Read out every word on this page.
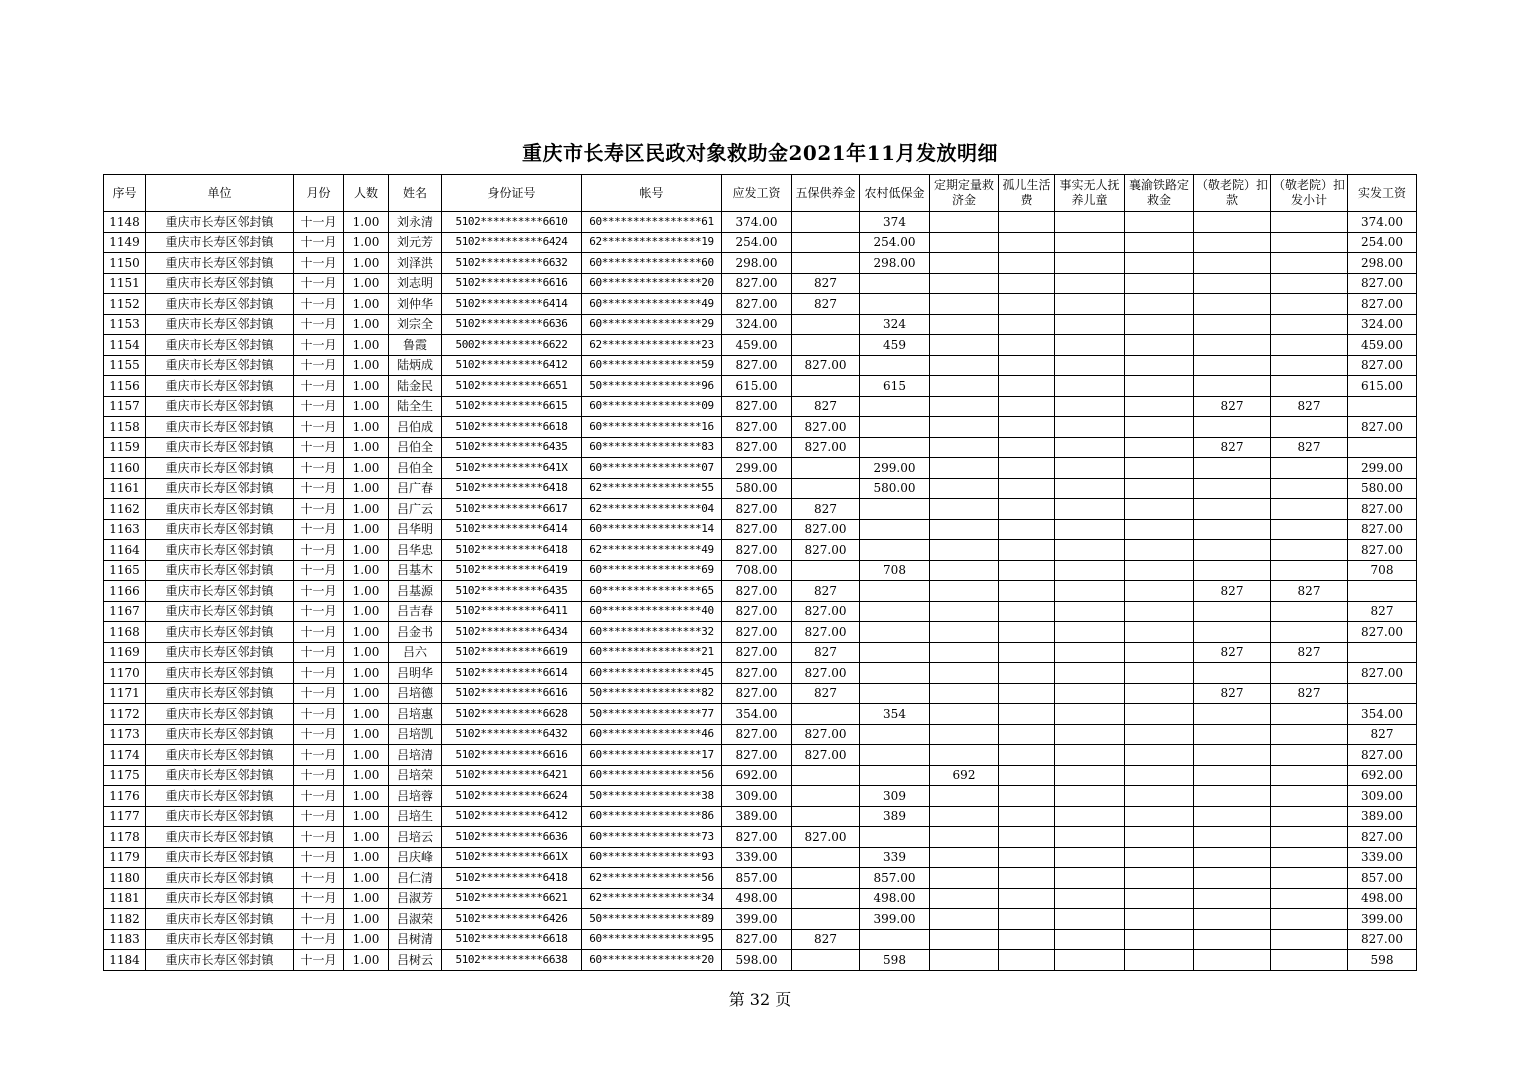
重庆市长寿区民政对象救助金2021年11月发放明细
序号	单位	月份	人数	姓名	身份证号	帐号	应发工资	五保供养金	农村低保金	定期定量救济金	孤儿生活费	事实无人抚养儿童	襄渝铁路定救金	（敬老院）扣款	（敬老院）扣发小计	实发工资
1148	重庆市长寿区邻封镇	十一月	1.00	刘永清	5102**********6610	60****************61	374.00		374							374.00
1149	重庆市长寿区邻封镇	十一月	1.00	刘元芳	5102**********6424	62****************19	254.00		254.00							254.00
1150	重庆市长寿区邻封镇	十一月	1.00	刘泽洪	5102**********6632	60****************60	298.00		298.00							298.00
1151	重庆市长寿区邻封镇	十一月	1.00	刘志明	5102**********6616	60****************20	827.00	827								827.00
1152	重庆市长寿区邻封镇	十一月	1.00	刘仲华	5102**********6414	60****************49	827.00	827								827.00
1153	重庆市长寿区邻封镇	十一月	1.00	刘宗全	5102**********6636	60****************29	324.00		324							324.00
1154	重庆市长寿区邻封镇	十一月	1.00	鲁霞	5002**********6622	62****************23	459.00		459							459.00
1155	重庆市长寿区邻封镇	十一月	1.00	陆炳成	5102**********6412	60****************59	827.00	827.00								827.00
1156	重庆市长寿区邻封镇	十一月	1.00	陆金民	5102**********6651	50****************96	615.00		615							615.00
1157	重庆市长寿区邻封镇	十一月	1.00	陆全生	5102**********6615	60****************09	827.00	827						827	827	
1158	重庆市长寿区邻封镇	十一月	1.00	吕伯成	5102**********6618	60****************16	827.00	827.00								827.00
1159	重庆市长寿区邻封镇	十一月	1.00	吕伯全	5102**********6435	60****************83	827.00	827.00						827	827	
1160	重庆市长寿区邻封镇	十一月	1.00	吕伯全	5102**********641X	60****************07	299.00		299.00							299.00
1161	重庆市长寿区邻封镇	十一月	1.00	吕广春	5102**********6418	62****************55	580.00		580.00							580.00
1162	重庆市长寿区邻封镇	十一月	1.00	吕广云	5102**********6617	62****************04	827.00	827								827.00
1163	重庆市长寿区邻封镇	十一月	1.00	吕华明	5102**********6414	60****************14	827.00	827.00								827.00
1164	重庆市长寿区邻封镇	十一月	1.00	吕华忠	5102**********6418	62****************49	827.00	827.00								827.00
1165	重庆市长寿区邻封镇	十一月	1.00	吕基木	5102**********6419	60****************69	708.00		708							708
1166	重庆市长寿区邻封镇	十一月	1.00	吕基源	5102**********6435	60****************65	827.00	827						827	827	
1167	重庆市长寿区邻封镇	十一月	1.00	吕吉春	5102**********6411	60****************40	827.00	827.00								827
1168	重庆市长寿区邻封镇	十一月	1.00	吕金书	5102**********6434	60****************32	827.00	827.00								827.00
1169	重庆市长寿区邻封镇	十一月	1.00	吕六	5102**********6619	60****************21	827.00	827						827	827	
1170	重庆市长寿区邻封镇	十一月	1.00	吕明华	5102**********6614	60****************45	827.00	827.00								827.00
1171	重庆市长寿区邻封镇	十一月	1.00	吕培德	5102**********6616	50****************82	827.00	827						827	827	
1172	重庆市长寿区邻封镇	十一月	1.00	吕培惠	5102**********6628	50****************77	354.00		354							354.00
1173	重庆市长寿区邻封镇	十一月	1.00	吕培凯	5102**********6432	60****************46	827.00	827.00								827
1174	重庆市长寿区邻封镇	十一月	1.00	吕培清	5102**********6616	60****************17	827.00	827.00								827.00
1175	重庆市长寿区邻封镇	十一月	1.00	吕培荣	5102**********6421	60****************56	692.00			692						692.00
1176	重庆市长寿区邻封镇	十一月	1.00	吕培蓉	5102**********6624	50****************38	309.00		309							309.00
1177	重庆市长寿区邻封镇	十一月	1.00	吕培生	5102**********6412	60****************86	389.00		389							389.00
1178	重庆市长寿区邻封镇	十一月	1.00	吕培云	5102**********6636	60****************73	827.00	827.00								827.00
1179	重庆市长寿区邻封镇	十一月	1.00	吕庆峰	5102**********661X	60****************93	339.00		339							339.00
1180	重庆市长寿区邻封镇	十一月	1.00	吕仁清	5102**********6418	62****************56	857.00		857.00							857.00
1181	重庆市长寿区邻封镇	十一月	1.00	吕淑芳	5102**********6621	62****************34	498.00		498.00							498.00
1182	重庆市长寿区邻封镇	十一月	1.00	吕淑荣	5102**********6426	50****************89	399.00		399.00							399.00
1183	重庆市长寿区邻封镇	十一月	1.00	吕树清	5102**********6618	60****************95	827.00	827								827.00
1184	重庆市长寿区邻封镇	十一月	1.00	吕树云	5102**********6638	60****************20	598.00		598							598
第 32 页
